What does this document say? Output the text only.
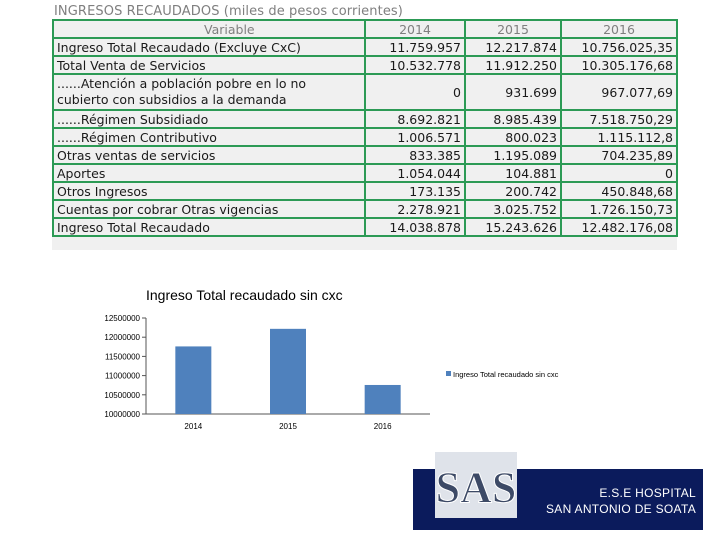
INGRESOS RECAUDADOS (miles de pesos corrientes)
Variable	2014	2015	2016
Ingreso Total Recaudado (Excluye CxC)	11.759.957	12.217.874	10.756.025,35
Total Venta de Servicios	10.532.778	11.912.250	10.305.176,68
......Atención a población pobre en lo no cubierto con subsidios a la demanda	0	931.699	967.077,69
......Régimen Subsidiado	8.692.821	8.985.439	7.518.750,29
......Régimen Contributivo	1.006.571	800.023	1.115.112,8
Otras ventas de servicios	833.385	1.195.089	704.235,89
Aportes	1.054.044	104.881	0
Otros Ingresos	173.135	200.742	450.848,68
Cuentas por cobrar Otras vigencias	2.278.921	3.025.752	1.726.150,73
Ingreso Total Recaudado	14.038.878	15.243.626	12.482.176,08
Ingreso Total recaudado sin cxc
10000000
10500000
11000000
11500000
12000000
12500000
2014	2015	2016
Ingreso Total recaudado sin cxc
SAS	E.S.E HOSPITAL
SAN ANTONIO DE SOATA
